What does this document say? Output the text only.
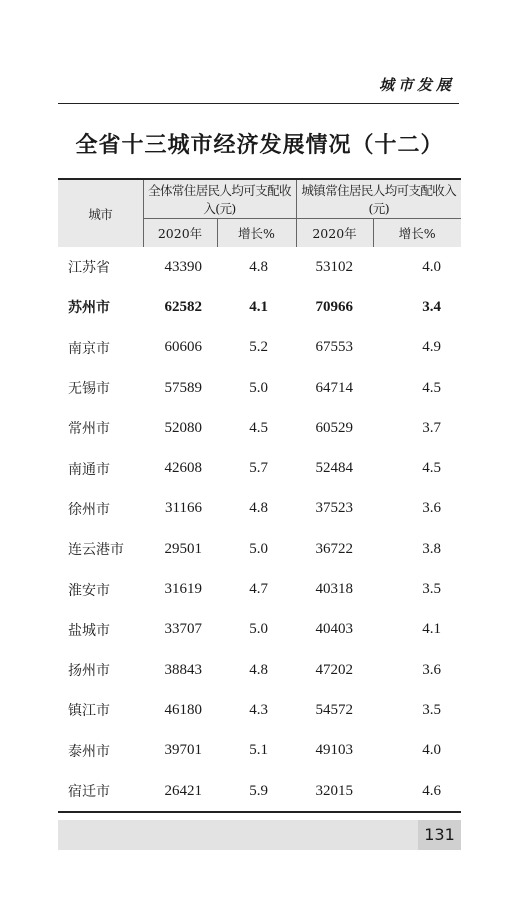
城市发展
全省十三城市经济发展情况（十二）
城市	全体常住居民人均可支配收入(元)		城镇常住居民人均可支配收入(元)	
	2020年	增长%	2020年	增长%
江苏省	43390	4.8	53102	4.0
苏州市	62582	4.1	70966	3.4
南京市	60606	5.2	67553	4.9
无锡市	57589	5.0	64714	4.5
常州市	52080	4.5	60529	3.7
南通市	42608	5.7	52484	4.5
徐州市	31166	4.8	37523	3.6
连云港市	29501	5.0	36722	3.8
淮安市	31619	4.7	40318	3.5
盐城市	33707	5.0	40403	4.1
扬州市	38843	4.8	47202	3.6
镇江市	46180	4.3	54572	3.5
泰州市	39701	5.1	49103	4.0
宿迁市	26421	5.9	32015	4.6
131
